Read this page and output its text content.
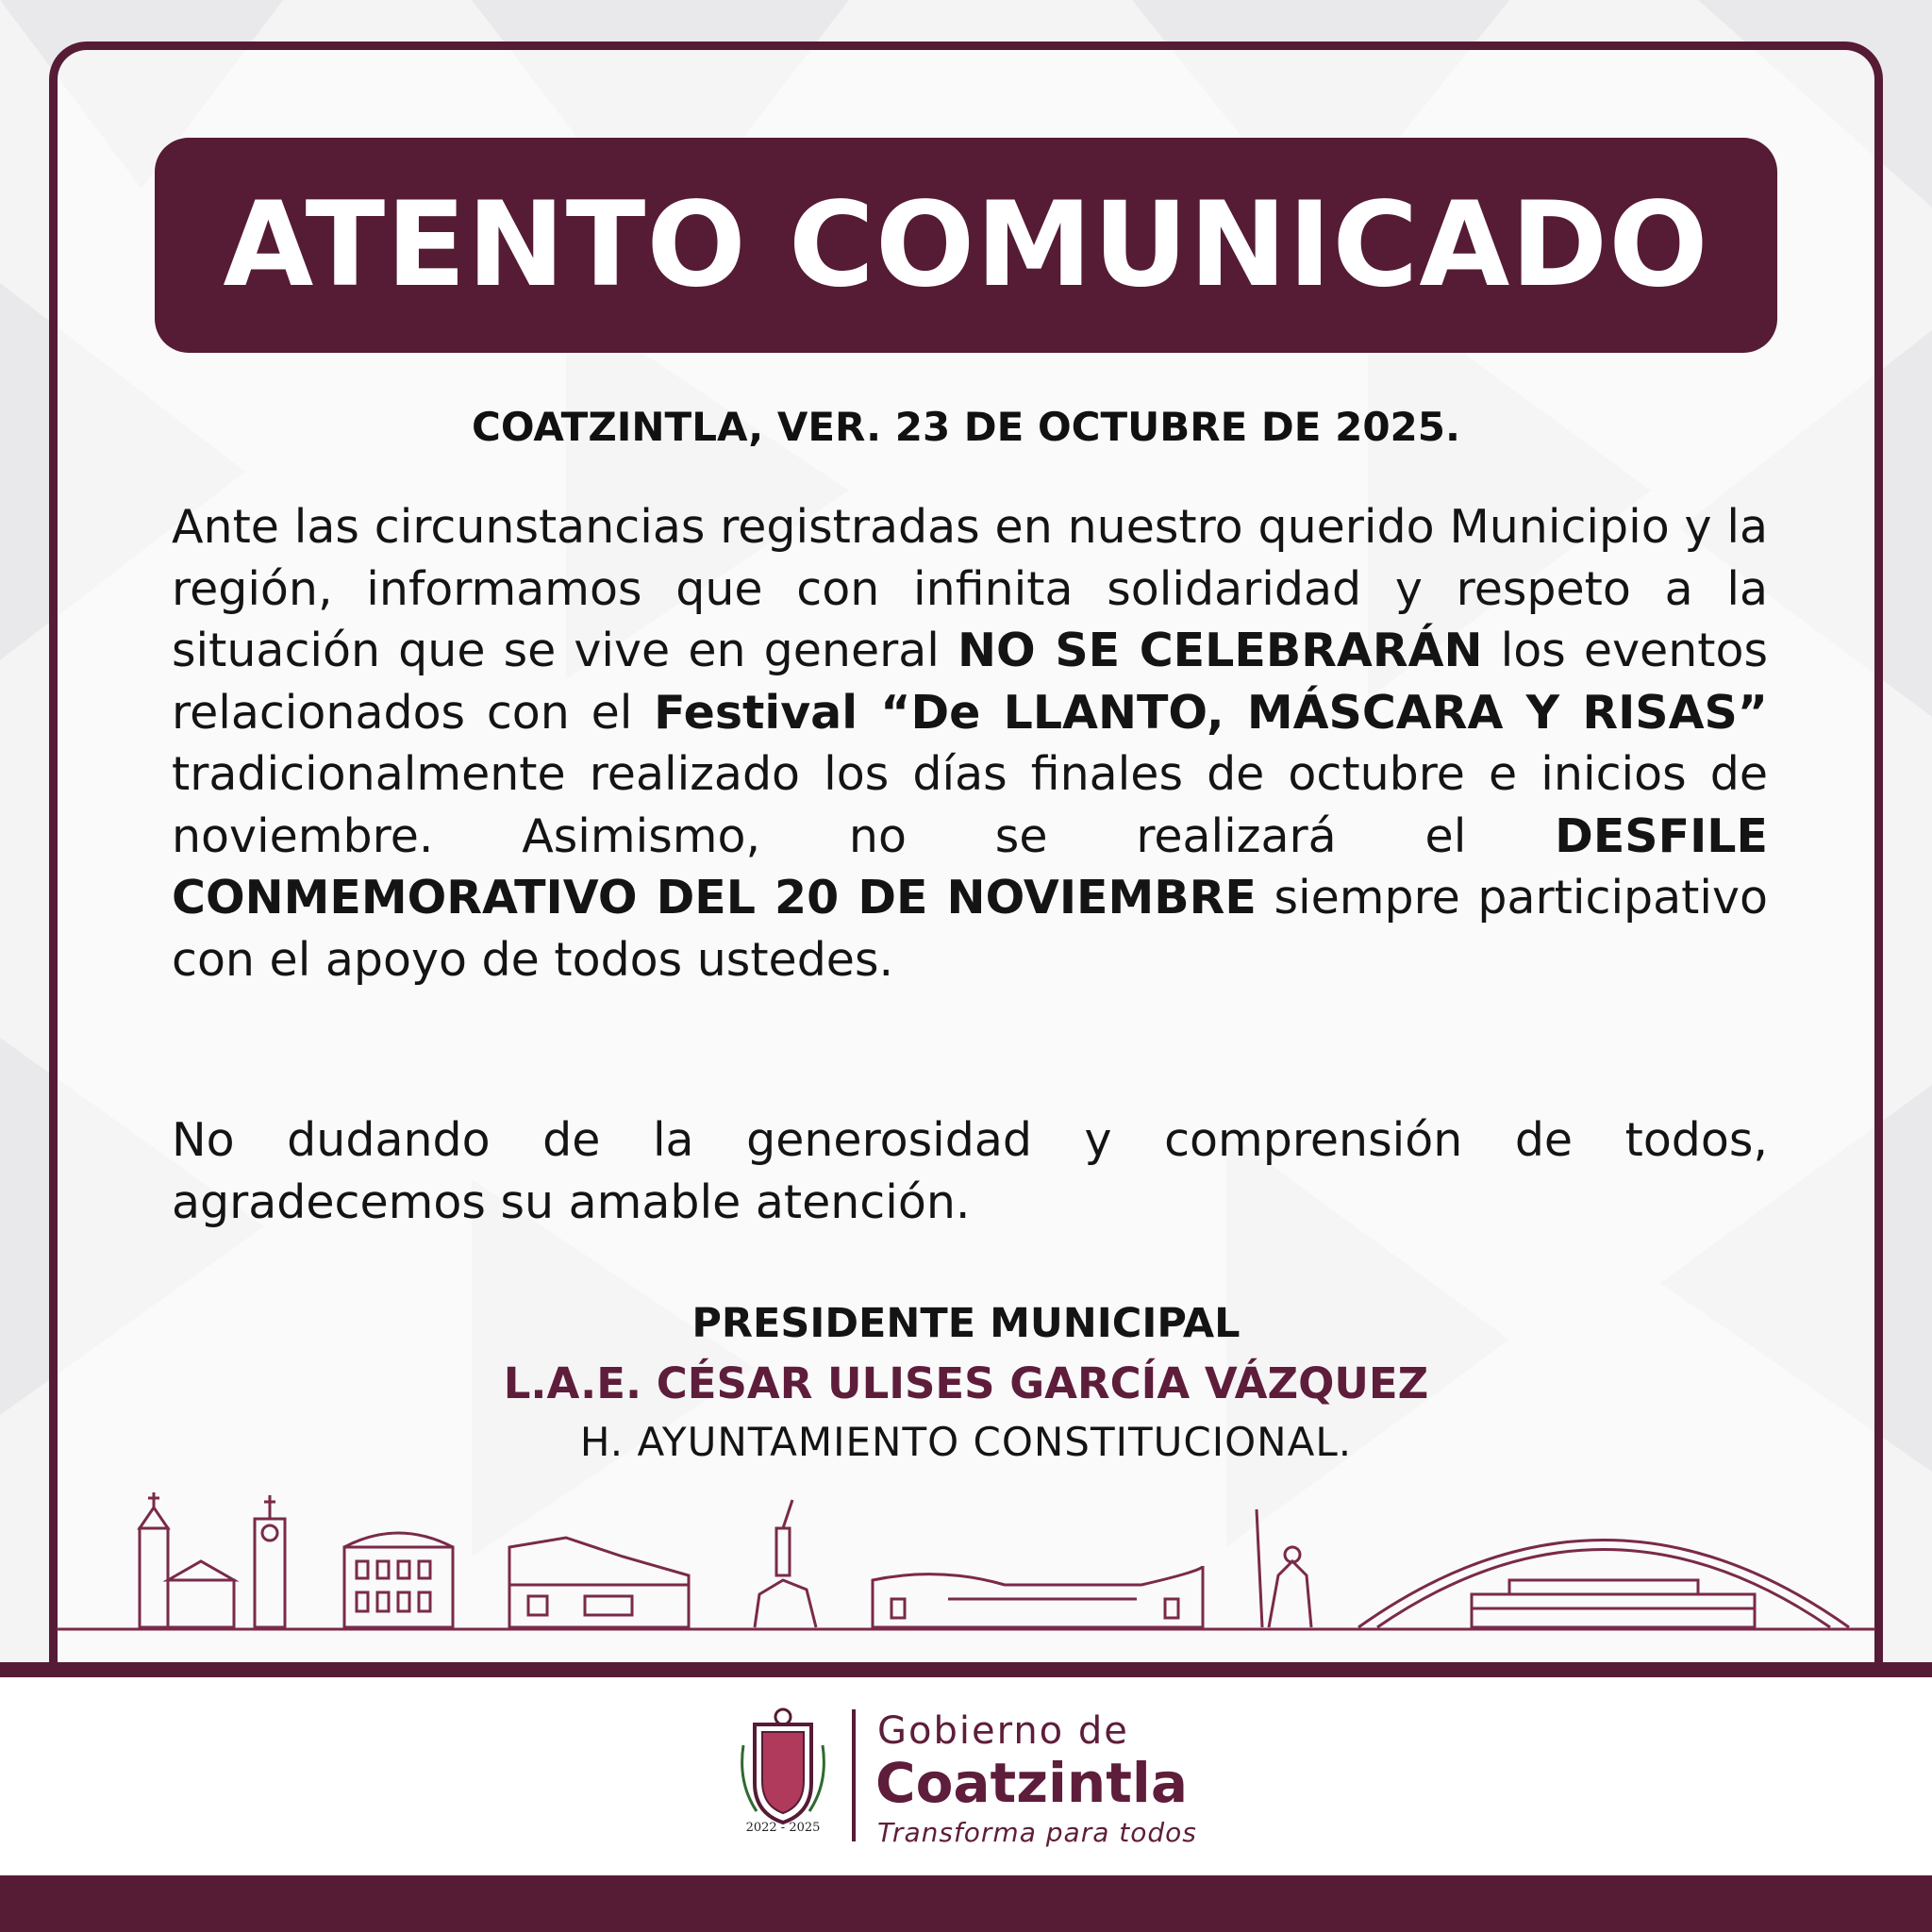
ATENTO COMUNICADO
COATZINTLA, VER. 23 DE OCTUBRE DE 2025.
Ante las circunstancias registradas en nuestro querido Municipio y la región, informamos que con infinita solidaridad y respeto a la situación que se vive en general NO SE CELEBRARÁN los eventos relacionados con el Festival “De LLANTO, MÁSCARA Y RISAS” tradicionalmente realizado los días finales de octubre e inicios de noviembre. Asimismo, no se realizará el DESFILE CONMEMORATIVO DEL 20 DE NOVIEMBRE siempre participativo con el apoyo de todos ustedes.
No dudando de la generosidad y comprensión de todos, agradecemos su amable atención.
PRESIDENTE MUNICIPAL
L.A.E. CÉSAR ULISES GARCÍA VÁZQUEZ
H. AYUNTAMIENTO CONSTITUCIONAL.
2022 - 2025
Gobierno de
Coatzintla
Transforma para todos
